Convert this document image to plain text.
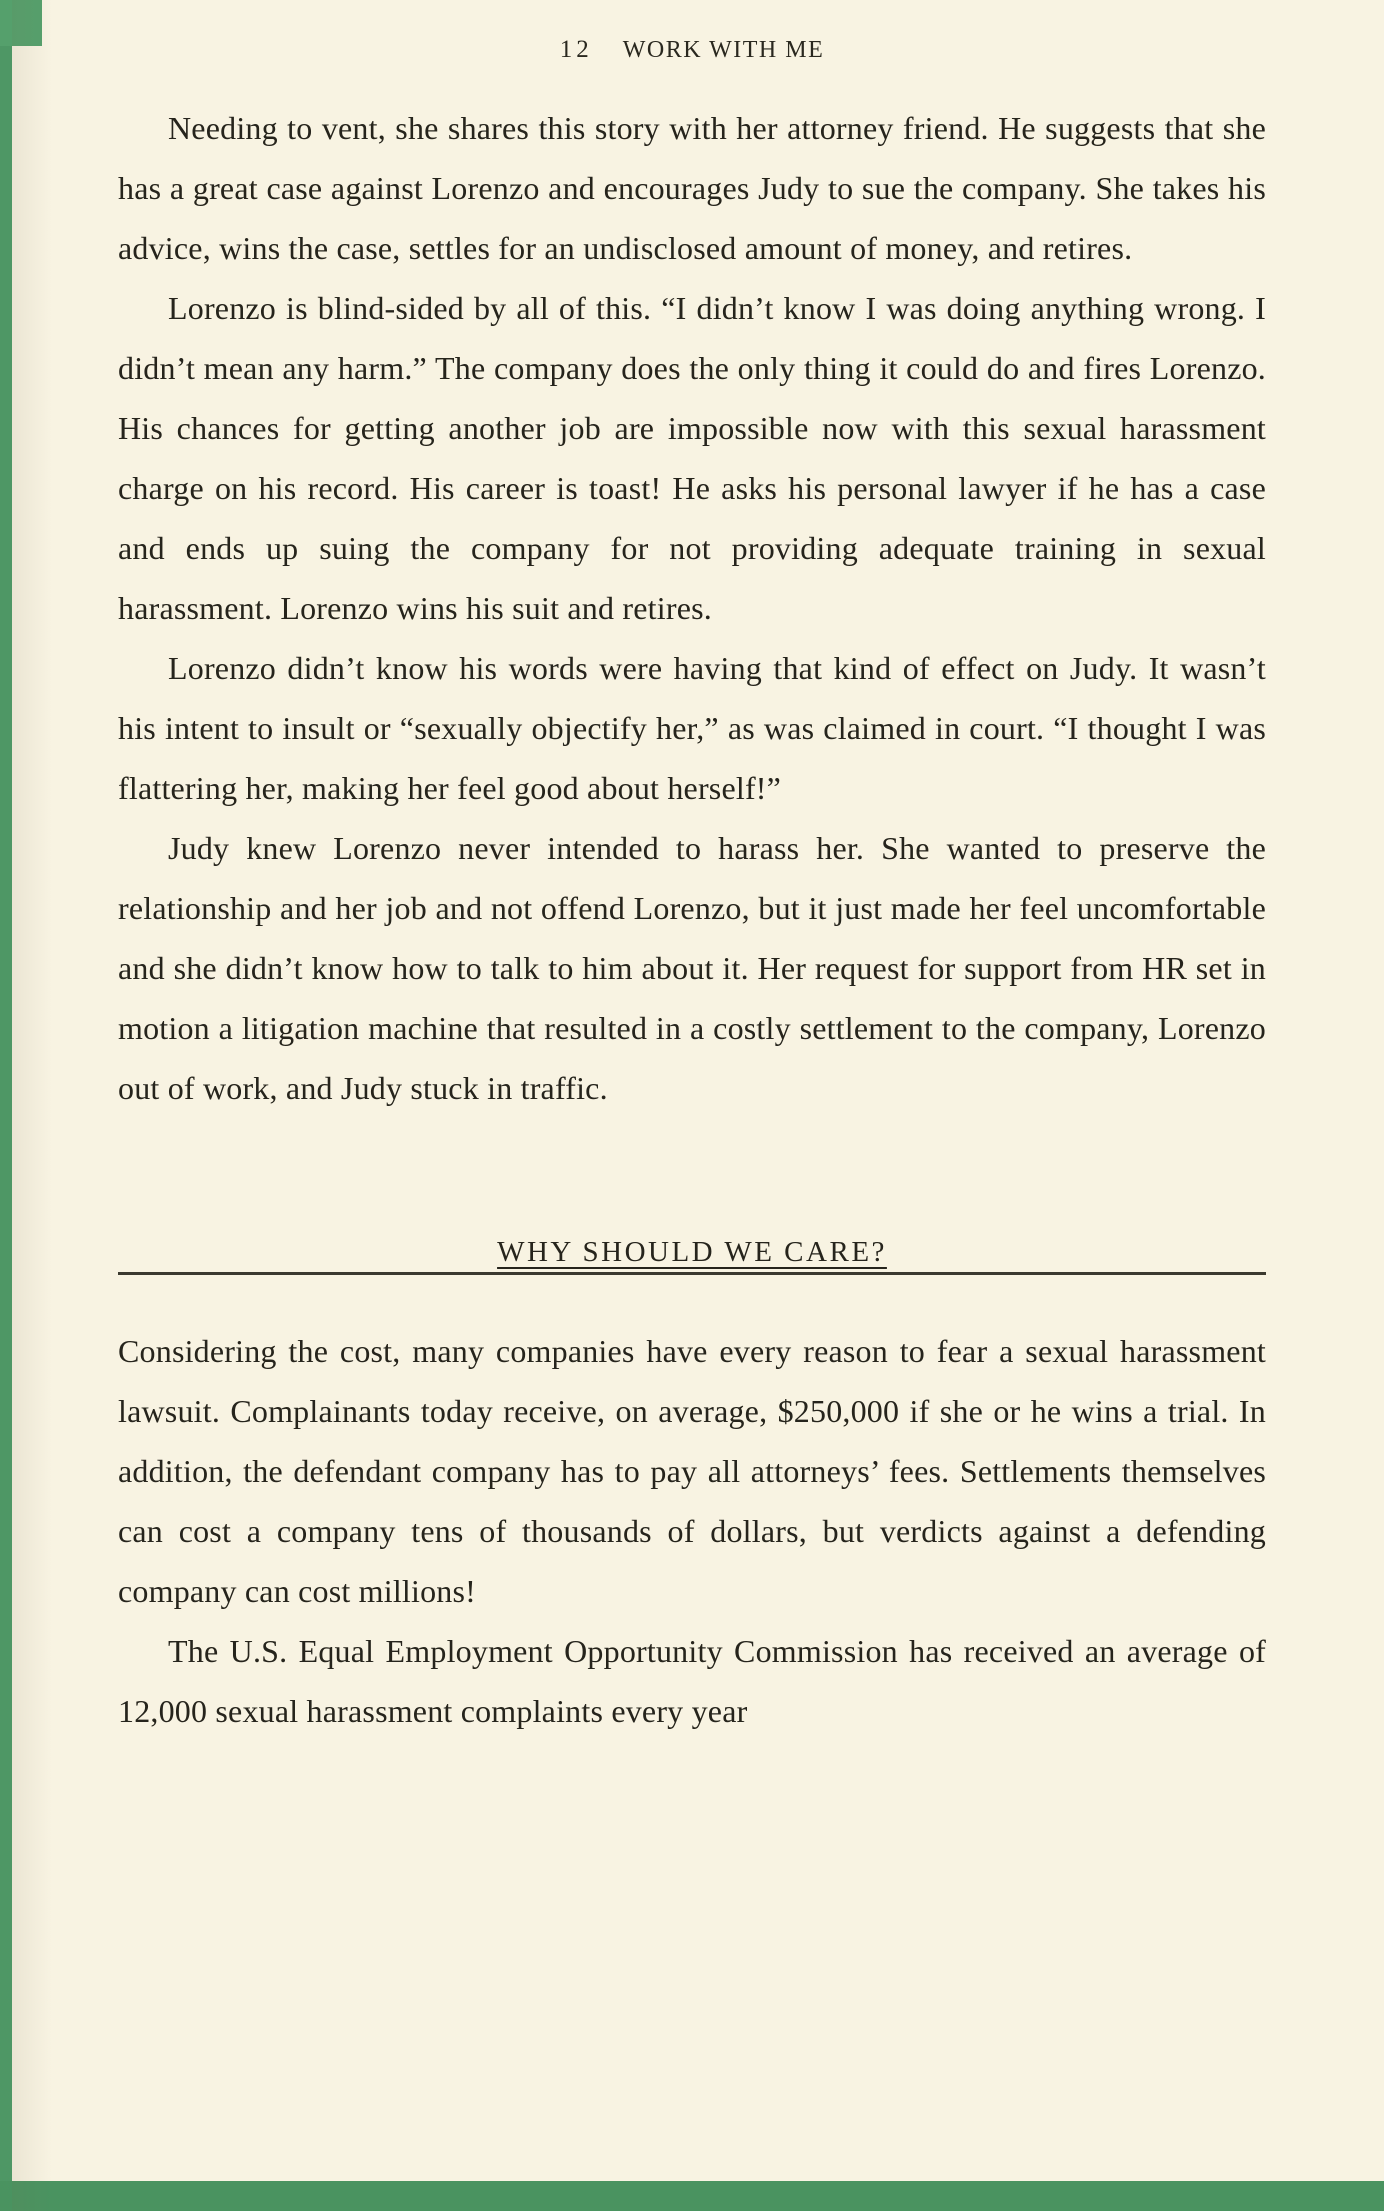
12 WORK WITH ME

Needing to vent, she shares this story with her attorney friend. He suggests that she has a great case against Lorenzo and encourages Judy to sue the company. She takes his advice, wins the case, settles for an undisclosed amount of money, and retires.

Lorenzo is blind-sided by all of this. “I didn’t know I was doing anything wrong. I didn’t mean any harm.” The company does the only thing it could do and fires Lorenzo. His chances for getting another job are impossible now with this sexual harassment charge on his record. His career is toast! He asks his personal lawyer if he has a case and ends up suing the company for not providing adequate training in sexual harassment. Lorenzo wins his suit and retires.

Lorenzo didn’t know his words were having that kind of effect on Judy. It wasn’t his intent to insult or “sexually objectify her,” as was claimed in court. “I thought I was flattering her, making her feel good about herself!”

Judy knew Lorenzo never intended to harass her. She wanted to preserve the relationship and her job and not offend Lorenzo, but it just made her feel uncomfortable and she didn’t know how to talk to him about it. Her request for support from HR set in motion a litigation machine that resulted in a costly settlement to the company, Lorenzo out of work, and Judy stuck in traffic.

WHY SHOULD WE CARE?

Considering the cost, many companies have every reason to fear a sexual harassment lawsuit. Complainants today receive, on average, $250,000 if she or he wins a trial. In addition, the defendant company has to pay all attorneys’ fees. Settlements themselves can cost a company tens of thousands of dollars, but verdicts against a defending company can cost millions!

The U.S. Equal Employment Opportunity Commission has received an average of 12,000 sexual harassment complaints every year
